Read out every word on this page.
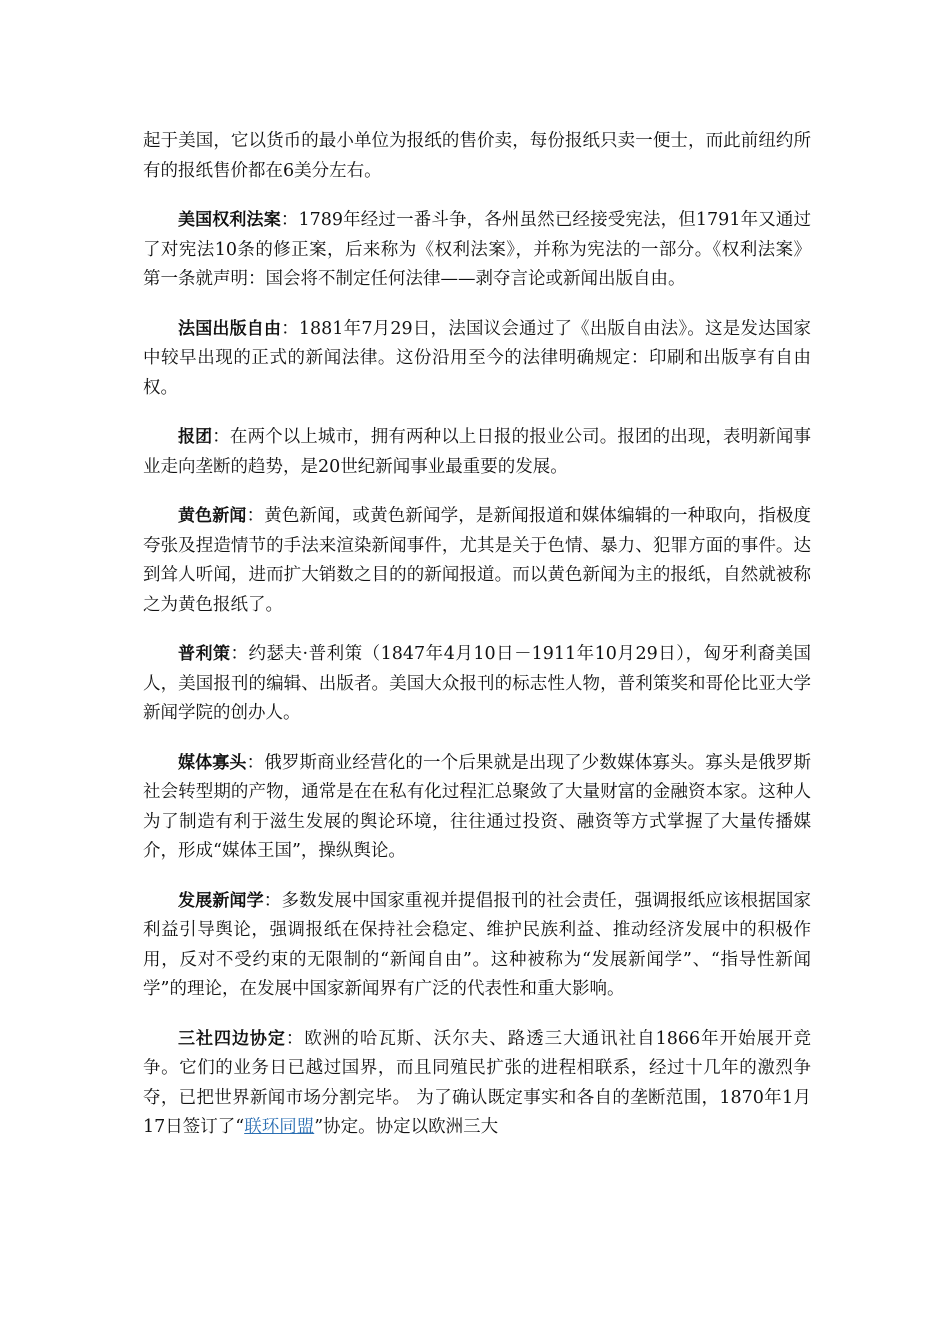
起于美国，它以货币的最小单位为报纸的售价卖，每份报纸只卖一便士，而此前纽约所有的报纸售价都在6美分左右。

美国权利法案：1789年经过一番斗争，各州虽然已经接受宪法，但1791年又通过了对宪法10条的修正案，后来称为《权利法案》，并称为宪法的一部分。《权利法案》第一条就声明：国会将不制定任何法律——剥夺言论或新闻出版自由。

法国出版自由：1881年7月29日，法国议会通过了《出版自由法》。这是发达国家中较早出现的正式的新闻法律。这份沿用至今的法律明确规定：印刷和出版享有自由权。

报团：在两个以上城市，拥有两种以上日报的报业公司。报团的出现，表明新闻事业走向垄断的趋势，是20世纪新闻事业最重要的发展。

黄色新闻：黄色新闻，或黄色新闻学，是新闻报道和媒体编辑的一种取向，指极度夸张及捏造情节的手法来渲染新闻事件，尤其是关于色情、暴力、犯罪方面的事件。达到耸人听闻，进而扩大销数之目的的新闻报道。而以黄色新闻为主的报纸，自然就被称之为黄色报纸了。

普利策：约瑟夫·普利策（1847年4月10日－1911年10月29日），匈牙利裔美国人，美国报刊的编辑、出版者。美国大众报刊的标志性人物，普利策奖和哥伦比亚大学新闻学院的创办人。

媒体寡头：俄罗斯商业经营化的一个后果就是出现了少数媒体寡头。寡头是俄罗斯社会转型期的产物，通常是在在私有化过程汇总聚敛了大量财富的金融资本家。这种人为了制造有利于滋生发展的舆论环境，往往通过投资、融资等方式掌握了大量传播媒介，形成“媒体王国”，操纵舆论。

发展新闻学：多数发展中国家重视并提倡报刊的社会责任，强调报纸应该根据国家利益引导舆论，强调报纸在保持社会稳定、维护民族利益、推动经济发展中的积极作用，反对不受约束的无限制的“新闻自由”。这种被称为“发展新闻学”、“指导性新闻学”的理论，在发展中国家新闻界有广泛的代表性和重大影响。

三社四边协定：欧洲的哈瓦斯、沃尔夫、路透三大通讯社自1866年开始展开竞争。它们的业务日已越过国界，而且同殖民扩张的进程相联系，经过十几年的激烈争夺，已把世界新闻市场分割完毕。 为了确认既定事实和各自的垄断范围，1870年1月17日签订了“联环同盟”协定。协定以欧洲三大
